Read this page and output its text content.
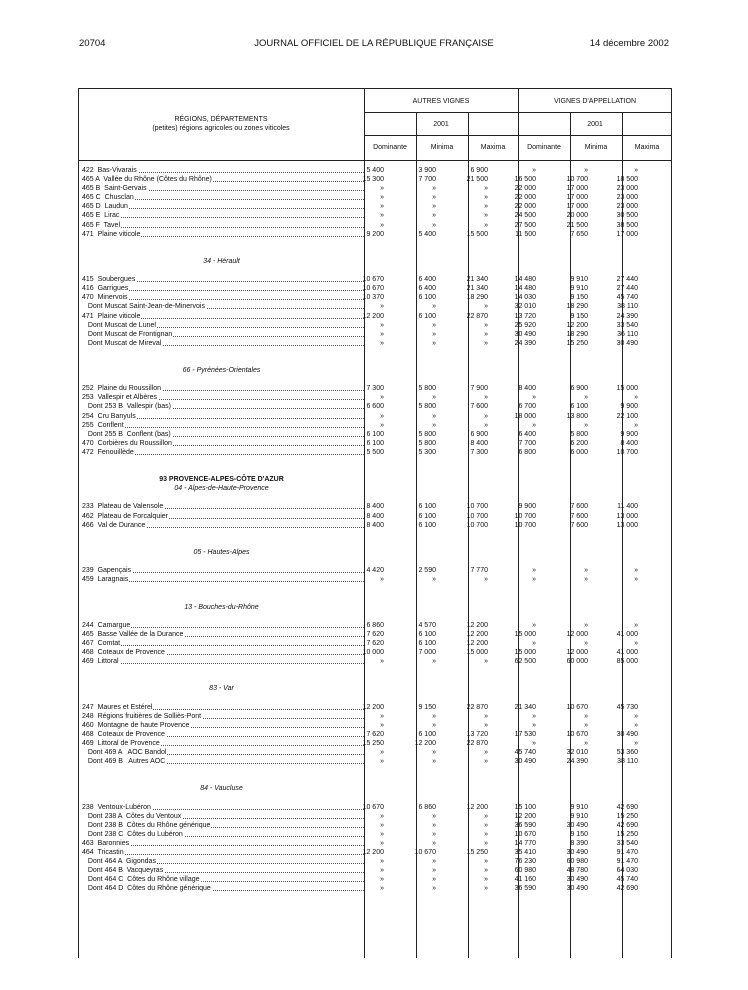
20704	JOURNAL OFFICIEL DE LA RÉPUBLIQUE FRANÇAISE	14 décembre 2002
RÉGIONS, DÉPARTEMENTS
(petites) régions agricoles ou zones viticoles
AUTRES VIGNES	VIGNES D'APPELLATION
2001	2001
Dominante	Minima	Maxima	Dominante	Minima	Maxima
422  Bas-Vivarais	5 400	3 900	6 900	»	»	»
465 A  Vallée du Rhône (Côtes du Rhône)	15 300	7 700	21 500	16 500	10 700	18 500
465 B  Saint-Gervais	»	»	»	22 000	17 000	23 000
465 C  Chusclan	»	»	»	22 000	17 000	23 000
465 D  Laudun	»	»	»	22 000	17 000	23 000
465 E  Lirac	»	»	»	24 500	20 000	30 500
465 F  Tavel	»	»	»	27 500	21 500	38 500
471  Plaine viticole	9 200	5 400	15 500	11 500	7 650	17 000
34 - Hérault
415  Soubergues	10 670	6 400	21 340	14 480	9 910	27 440
416  Garrigues	10 670	6 400	21 340	14 480	9 910	27 440
470  Minervois	10 370	6 100	18 290	14 030	9 150	45 740
Dont Muscat Saint-Jean-de-Minervois	»	»	»	32 010	18 290	38 110
471  Plaine viticole	12 200	6 100	22 870	13 720	9 150	24 390
Dont Muscat de Lunel	»	»	»	25 920	12 200	33 540
Dont Muscat de Frontignan	»	»	»	30 490	18 290	36 110
Dont Muscat de Mireval	»	»	»	24 390	15 250	30 490
66 - Pyrénées-Orientales
252  Plaine du Roussillon	7 300	5 800	7 900	8 400	6 900	15 000
253  Vallespir et Albères	»	»	»	»	»	»
Dont 253 B  Vallespir (bas)	6 600	5 800	7 600	6 700	6 100	9 900
254  Cru Banyuls	»	»	»	18 000	13 800	22 100
255  Conflent	»	»	»	»	»	»
Dont 255 B  Conflent (bas)	6 100	5 800	6 900	6 400	5 800	9 900
470  Corbières du Roussillon	6 100	5 800	8 400	7 700	6 200	8 400
472  Fenouillède	5 500	5 300	7 300	6 800	6 000	10 700
93 PROVENCE-ALPES-CÔTE D'AZUR
04 - Alpes-de-Haute-Provence
233  Plateau de Valensole	8 400	6 100	10 700	9 900	7 600	11 400
462  Plateau de Forcalquier	8 400	6 100	10 700	10 700	7 600	13 000
466  Val de Durance	8 400	6 100	10 700	10 700	7 600	13 000
05 - Hautes-Alpes
239  Gapençais	4 420	2 590	7 770	»	»	»
459  Laragnais	»	»	»	»	»	»
13 - Bouches-du-Rhône
244  Camargue	6 860	4 570	12 200	»	»	»
465  Basse Vallée de la Durance	7 620	6 100	12 200	15 000	12 000	41 000
467  Comtat	7 620	6 100	12 200	»	»	»
468  Coteaux de Provence	10 000	7 000	15 000	15 000	12 000	41 000
469  Littoral	»	»	»	62 500	60 000	85 000
83 - Var
247  Maures et Estérel	12 200	9 150	22 870	21 340	10 670	45 730
248  Régions fruitières de Solliès-Pont	»	»	»	»	»	»
460  Montagne de haute Provence	»	»	»	»	»	»
468  Coteaux de Provence	7 620	6 100	13 720	17 530	10 670	30 490
469  Littoral de Provence	15 250	12 200	22 870	»	»	»
Dont 469 A   AOC Bandol	»	»	»	45 740	32 010	53 360
Dont 469 B   Autres AOC	»	»	»	30 490	24 390	38 110
84 - Vaucluse
238  Ventoux-Lubéron	10 670	6 860	12 200	15 100	9 910	42 690
Dont 238 A  Côtes du Ventoux	»	»	»	12 200	9 910	15 250
Dont 238 B  Côtes du Rhône générique	»	»	»	36 590	30 490	42 690
Dont 238 C  Côtes du Lubéron	»	»	»	10 670	9 150	15 250
463  Baronnies	»	»	»	14 770	8 390	33 540
464  Tricastin	12 200	10 670	15 250	35 410	30 490	91 470
Dont 464 A  Gigondas	»	»	»	76 230	60 980	91 470
Dont 464 B  Vacqueyras	»	»	»	60 980	48 780	64 030
Dont 464 C  Côtes du Rhône village	»	»	»	41 160	30 490	45 740
Dont 464 D  Côtes du Rhône générique	»	»	»	36 590	30 490	42 690
